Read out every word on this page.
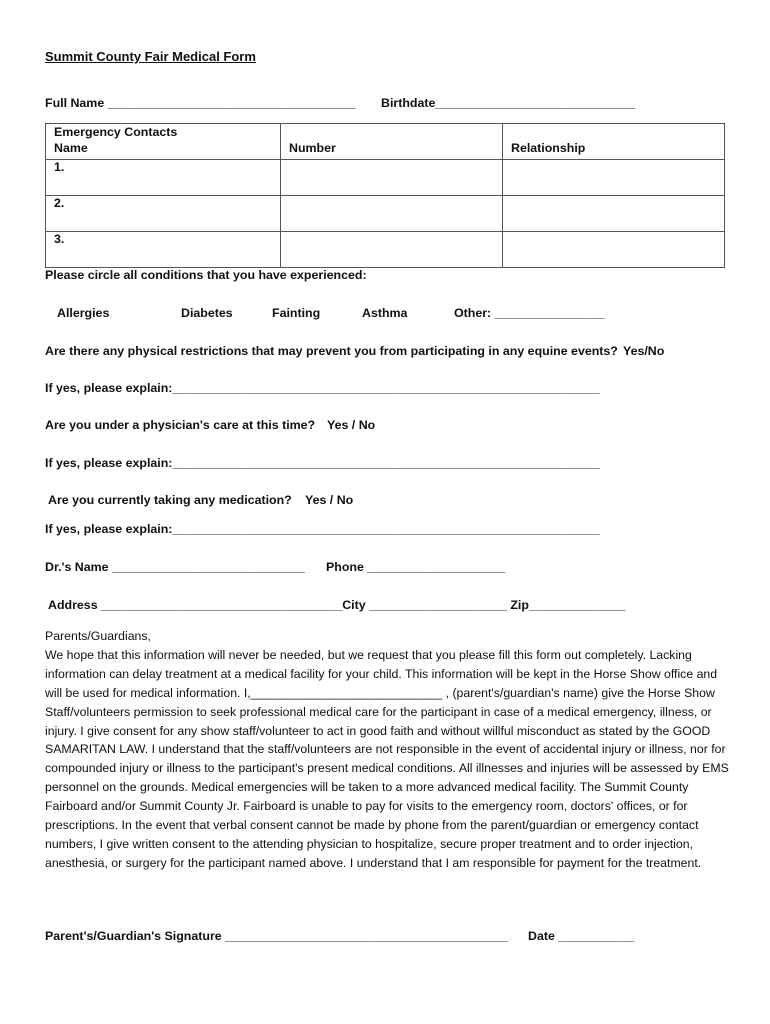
Summit County Fair Medical Form
Full Name ____________________________________ Birthdate_____________________________
Emergency Contacts
Name	Number	Relationship

1.		
2.		
3.		
Please circle all conditions that you have experienced:
Allergies	Diabetes	Fainting	Asthma	Other: ________________
Are there any physical restrictions that may prevent you from participating in any equine events? Yes/No
If yes, please explain:______________________________________________________________
Are you under a physician's care at this time? Yes / No
If yes, please explain:______________________________________________________________
Are you currently taking any medication? Yes / No
If yes, please explain:______________________________________________________________
Dr.'s Name ____________________________ Phone ____________________
Address ___________________________________City ____________________ Zip______________

Parents/Guardians,

We hope that this information will never be needed, but we request that you please fill this form out completely. Lacking information can delay treatment at a medical facility for your child. This information will be kept in the Horse Show office and will be used for medical information. I,____________________________ , (parent's/guardian's name) give the Horse Show Staff/volunteers permission to seek professional medical care for the participant in case of a medical emergency, illness, or injury. I give consent for any show staff/volunteer to act in good faith and without willful misconduct as stated by the GOOD SAMARITAN LAW. I understand that the staff/volunteers are not responsible in the event of accidental injury or illness, nor for compounded injury or illness to the participant's present medical conditions. All illnesses and injuries will be assessed by EMS personnel on the grounds. Medical emergencies will be taken to a more advanced medical facility. The Summit County Fairboard and/or Summit County Jr. Fairboard is unable to pay for visits to the emergency room, doctors' offices, or for prescriptions. In the event that verbal consent cannot be made by phone from the parent/guardian or emergency contact numbers, I give written consent to the attending physician to hospitalize, secure proper treatment and to order injection, anesthesia, or surgery for the participant named above. I understand that I am responsible for payment for the treatment.

Parent's/Guardian's Signature _________________________________________ Date ___________
